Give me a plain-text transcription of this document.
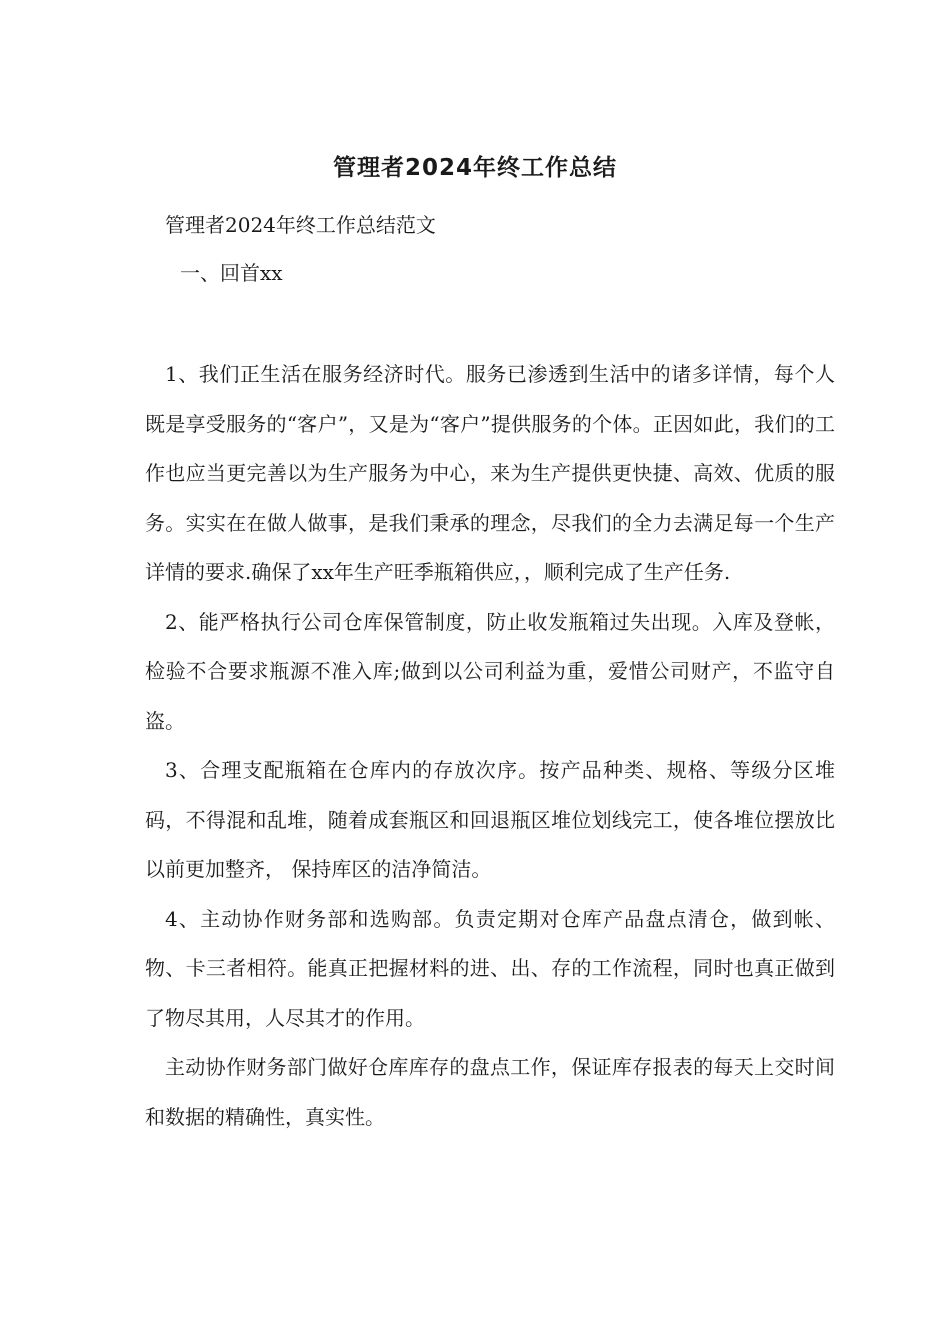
管理者2024年终工作总结
管理者2024年终工作总结范文
一、回首xx

1、我们正生活在服务经济时代。服务已渗透到生活中的诸多详情，每个人既是享受服务的“客户”，又是为“客户”提供服务的个体。正因如此，我们的工作也应当更完善以为生产服务为中心，来为生产提供更快捷、高效、优质的服务。实实在在做人做事，是我们秉承的理念，尽我们的全力去满足每一个生产详情的要求.确保了xx年生产旺季瓶箱供应，，顺利完成了生产任务.

2、能严格执行公司仓库保管制度，防止收发瓶箱过失出现。入库及登帐，检验不合要求瓶源不准入库;做到以公司利益为重，爱惜公司财产，不监守自盗。

3、合理支配瓶箱在仓库内的存放次序。按产品种类、规格、等级分区堆码，不得混和乱堆，随着成套瓶区和回退瓶区堆位划线完工，使各堆位摆放比以前更加整齐， 保持库区的洁净简洁。

4、主动协作财务部和选购部。负责定期对仓库产品盘点清仓，做到帐、物、卡三者相符。能真正把握材料的进、出、存的工作流程，同时也真正做到了物尽其用，人尽其才的作用。

主动协作财务部门做好仓库库存的盘点工作，保证库存报表的每天上交时间和数据的精确性，真实性。
